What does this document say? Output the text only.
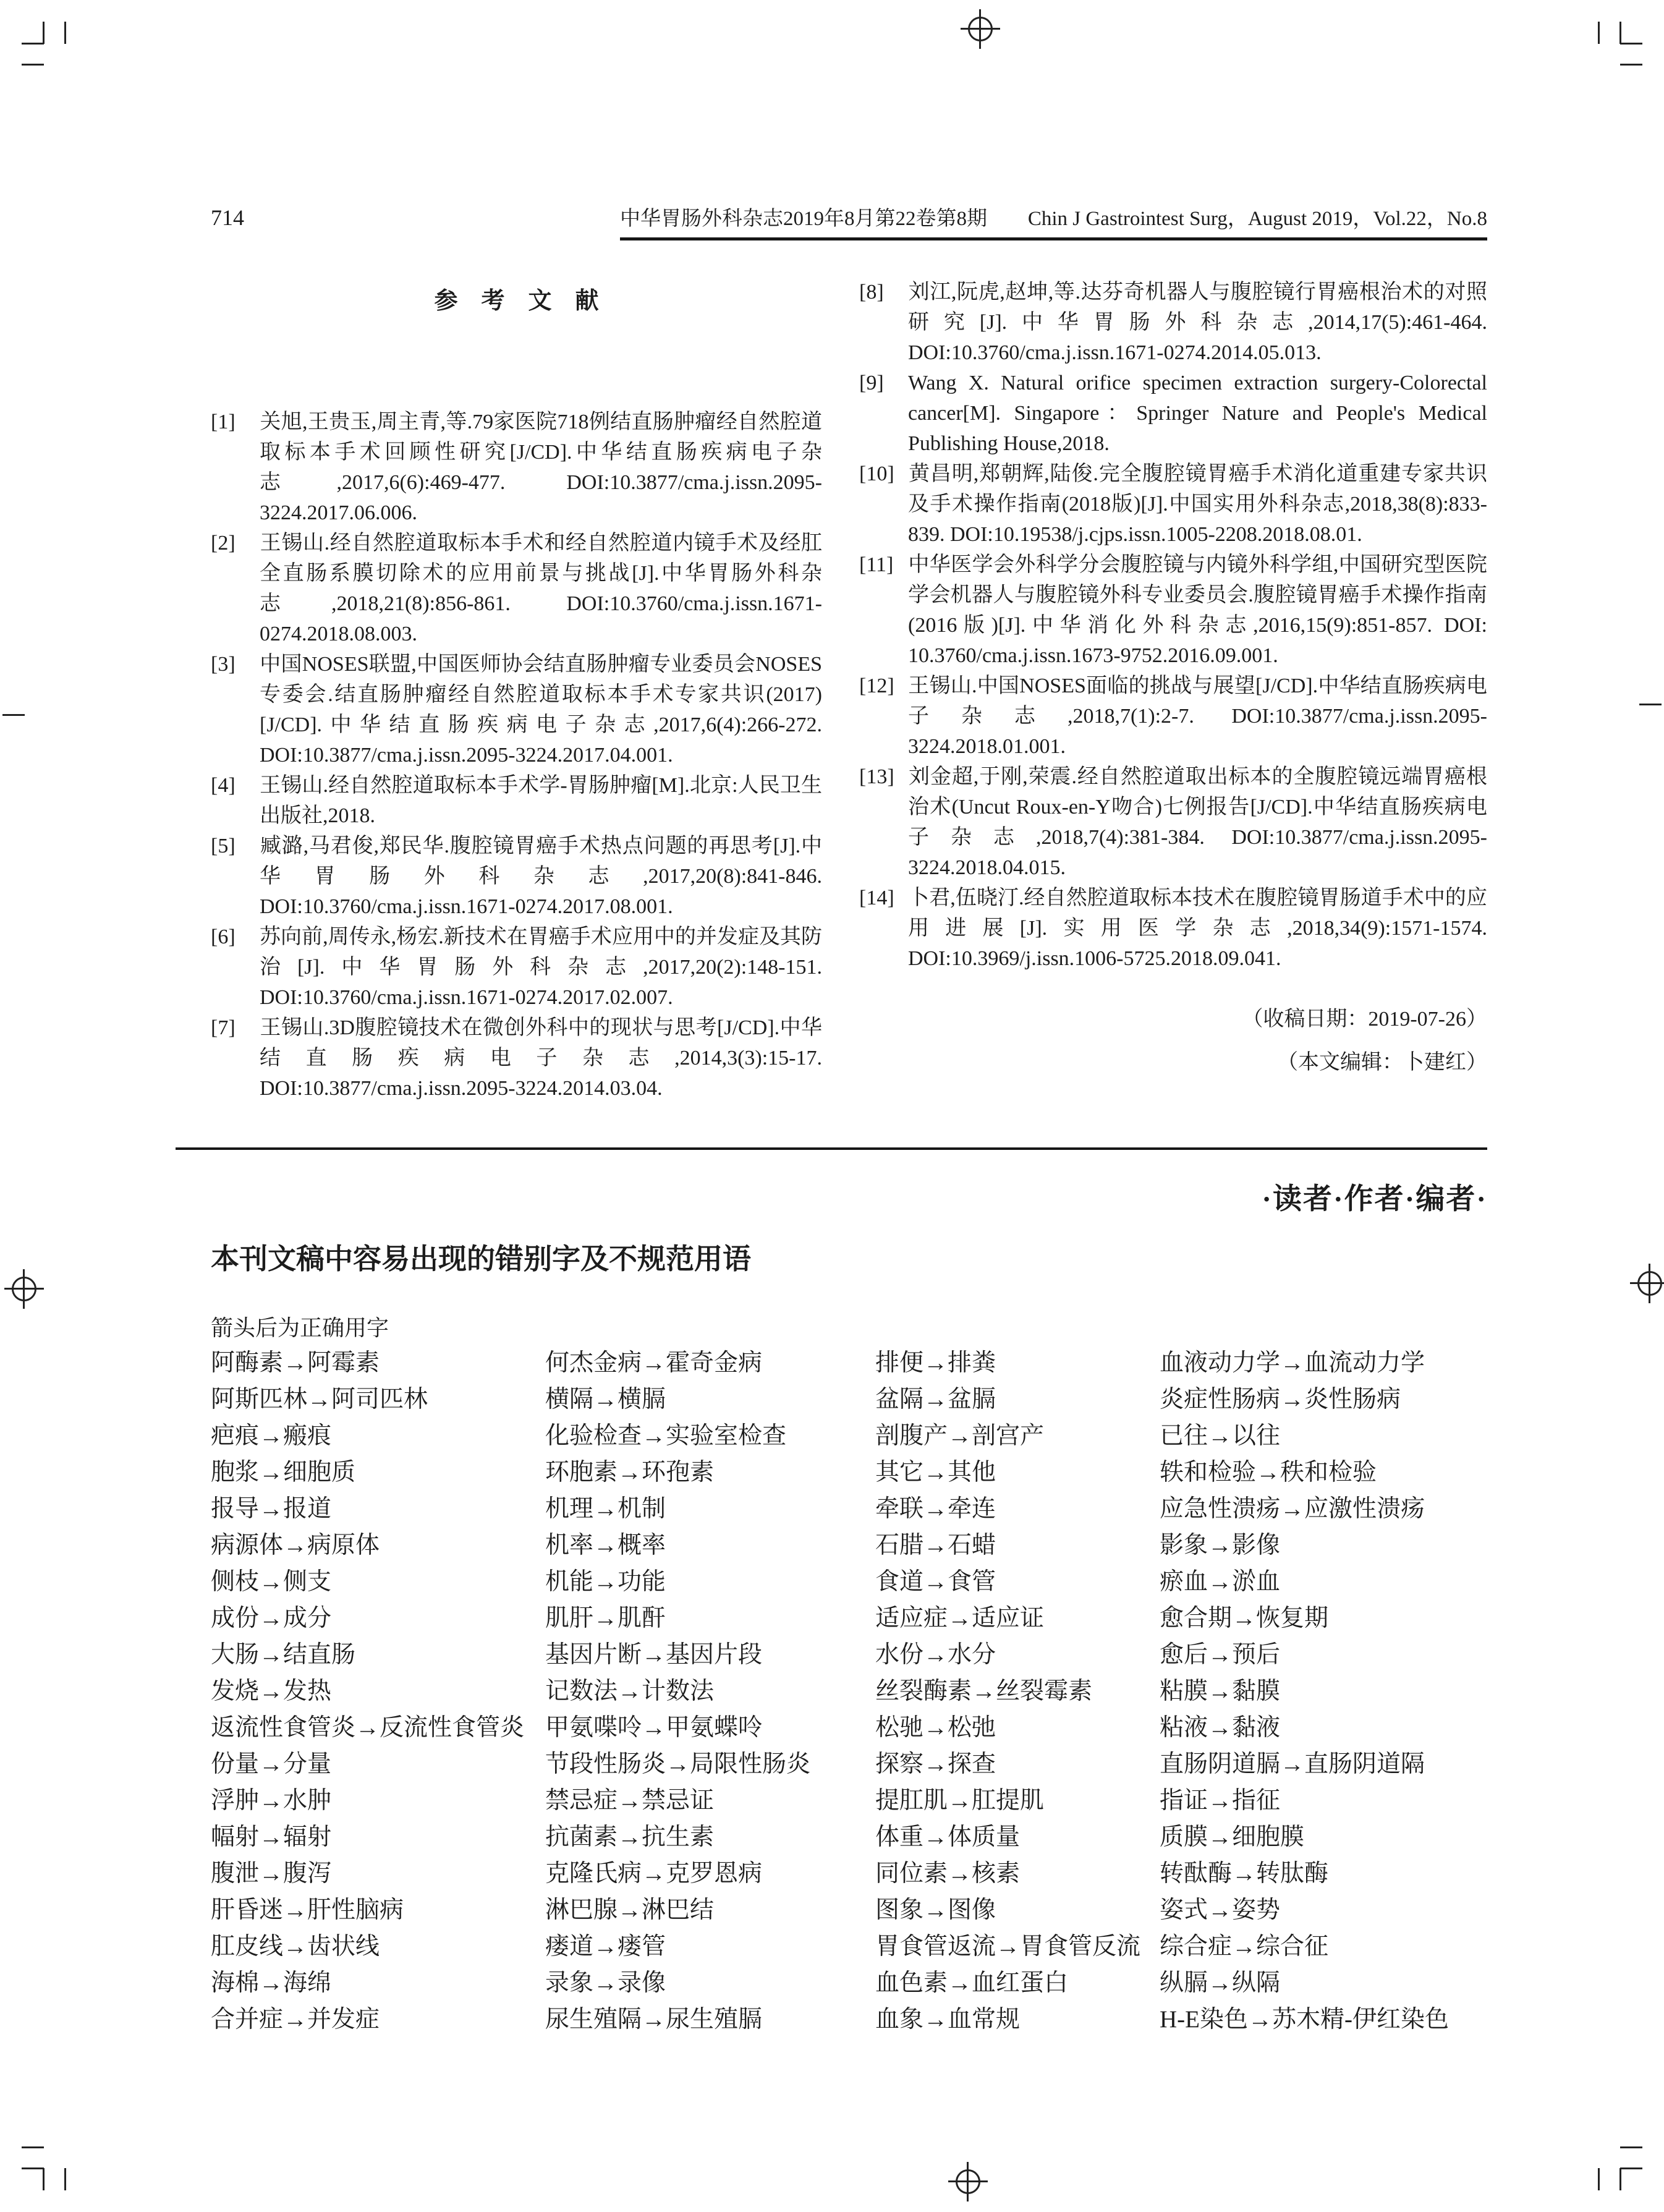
714	中华胃肠外科杂志2019年8月第22卷第8期 Chin J Gastrointest Surg，August 2019，Vol.22，No.8
参　考　文　献
[1] 关旭,王贵玉,周主青,等.79家医院718例结直肠肿瘤经自然腔道取标本手术回顾性研究[J/CD].中华结直肠疾病电子杂志,2017,6(6):469-477. DOI:10.3877/cma.j.issn.2095-3224.2017.06.006.
[2] 王锡山.经自然腔道取标本手术和经自然腔道内镜手术及经肛全直肠系膜切除术的应用前景与挑战[J].中华胃肠外科杂志,2018,21(8):856-861. DOI:10.3760/cma.j.issn.1671-0274.2018.08.003.
[3] 中国NOSES联盟,中国医师协会结直肠肿瘤专业委员会NOSES专委会.结直肠肿瘤经自然腔道取标本手术专家共识(2017)[J/CD].中华结直肠疾病电子杂志,2017,6(4):266-272. DOI:10.3877/cma.j.issn.2095-3224.2017.04.001.
[4] 王锡山.经自然腔道取标本手术学-胃肠肿瘤[M].北京:人民卫生出版社,2018.
[5] 臧潞,马君俊,郑民华.腹腔镜胃癌手术热点问题的再思考[J].中华胃肠外科杂志,2017,20(8):841-846. DOI:10.3760/cma.j.issn.1671-0274.2017.08.001.
[6] 苏向前,周传永,杨宏.新技术在胃癌手术应用中的并发症及其防治[J].中华胃肠外科杂志,2017,20(2):148-151. DOI:10.3760/cma.j.issn.1671-0274.2017.02.007.
[7] 王锡山.3D腹腔镜技术在微创外科中的现状与思考[J/CD].中华结直肠疾病电子杂志,2014,3(3):15-17. DOI:10.3877/cma.j.issn.2095-3224.2014.03.04.
[8] 刘江,阮虎,赵坤,等.达芬奇机器人与腹腔镜行胃癌根治术的对照研究[J].中华胃肠外科杂志,2014,17(5):461-464. DOI:10.3760/cma.j.issn.1671-0274.2014.05.013.
[9] Wang X. Natural orifice specimen extraction surgery-Colorectal cancer[M]. Singapore：Springer Nature and People's Medical Publishing House,2018.
[10] 黄昌明,郑朝辉,陆俊.完全腹腔镜胃癌手术消化道重建专家共识及手术操作指南(2018版)[J].中国实用外科杂志,2018,38(8):833-839. DOI:10.19538/j.cjps.issn.1005-2208.2018.08.01.
[11] 中华医学会外科学分会腹腔镜与内镜外科学组,中国研究型医院学会机器人与腹腔镜外科专业委员会.腹腔镜胃癌手术操作指南(2016版)[J].中华消化外科杂志,2016,15(9):851-857. DOI: 10.3760/cma.j.issn.1673-9752.2016.09.001.
[12] 王锡山.中国NOSES面临的挑战与展望[J/CD].中华结直肠疾病电子杂志,2018,7(1):2-7. DOI:10.3877/cma.j.issn.2095-3224.2018.01.001.
[13] 刘金超,于刚,荣震.经自然腔道取出标本的全腹腔镜远端胃癌根治术(Uncut Roux-en-Y吻合)七例报告[J/CD].中华结直肠疾病电子杂志,2018,7(4):381-384. DOI:10.3877/cma.j.issn.2095-3224.2018.04.015.
[14] 卜君,伍晓汀.经自然腔道取标本技术在腹腔镜胃肠道手术中的应用进展[J].实用医学杂志,2018,34(9):1571-1574. DOI:10.3969/j.issn.1006-5725.2018.09.041.
（收稿日期：2019-07-26）
（本文编辑：卜建红）
·读者·作者·编者·
本刊文稿中容易出现的错别字及不规范用语
箭头后为正确用字
阿酶素→阿霉素
阿斯匹林→阿司匹林
疤痕→瘢痕
胞浆→细胞质
报导→报道
病源体→病原体
侧枝→侧支
成份→成分
大肠→结直肠
发烧→发热
返流性食管炎→反流性食管炎
份量→分量
浮肿→水肿
幅射→辐射
腹泄→腹泻
肝昏迷→肝性脑病
肛皮线→齿状线
海棉→海绵
合并症→并发症
何杰金病→霍奇金病
横隔→横膈
化验检查→实验室检查
环胞素→环孢素
机理→机制
机率→概率
机能→功能
肌肝→肌酐
基因片断→基因片段
记数法→计数法
甲氨喋呤→甲氨蝶呤
节段性肠炎→局限性肠炎
禁忌症→禁忌证
抗菌素→抗生素
克隆氏病→克罗恩病
淋巴腺→淋巴结
瘘道→瘘管
录象→录像
尿生殖隔→尿生殖膈
排便→排粪
盆隔→盆膈
剖腹产→剖宫产
其它→其他
牵联→牵连
石腊→石蜡
食道→食管
适应症→适应证
水份→水分
丝裂酶素→丝裂霉素
松驰→松弛
探察→探查
提肛肌→肛提肌
体重→体质量
同位素→核素
图象→图像
胃食管返流→胃食管反流
血色素→血红蛋白
血象→血常规
血液动力学→血流动力学
炎症性肠病→炎性肠病
已往→以往
轶和检验→秩和检验
应急性溃疡→应激性溃疡
影象→影像
瘀血→淤血
愈合期→恢复期
愈后→预后
粘膜→黏膜
粘液→黏液
直肠阴道膈→直肠阴道隔
指证→指征
质膜→细胞膜
转酞酶→转肽酶
姿式→姿势
综合症→综合征
纵膈→纵隔
H-E染色→苏木精-伊红染色
